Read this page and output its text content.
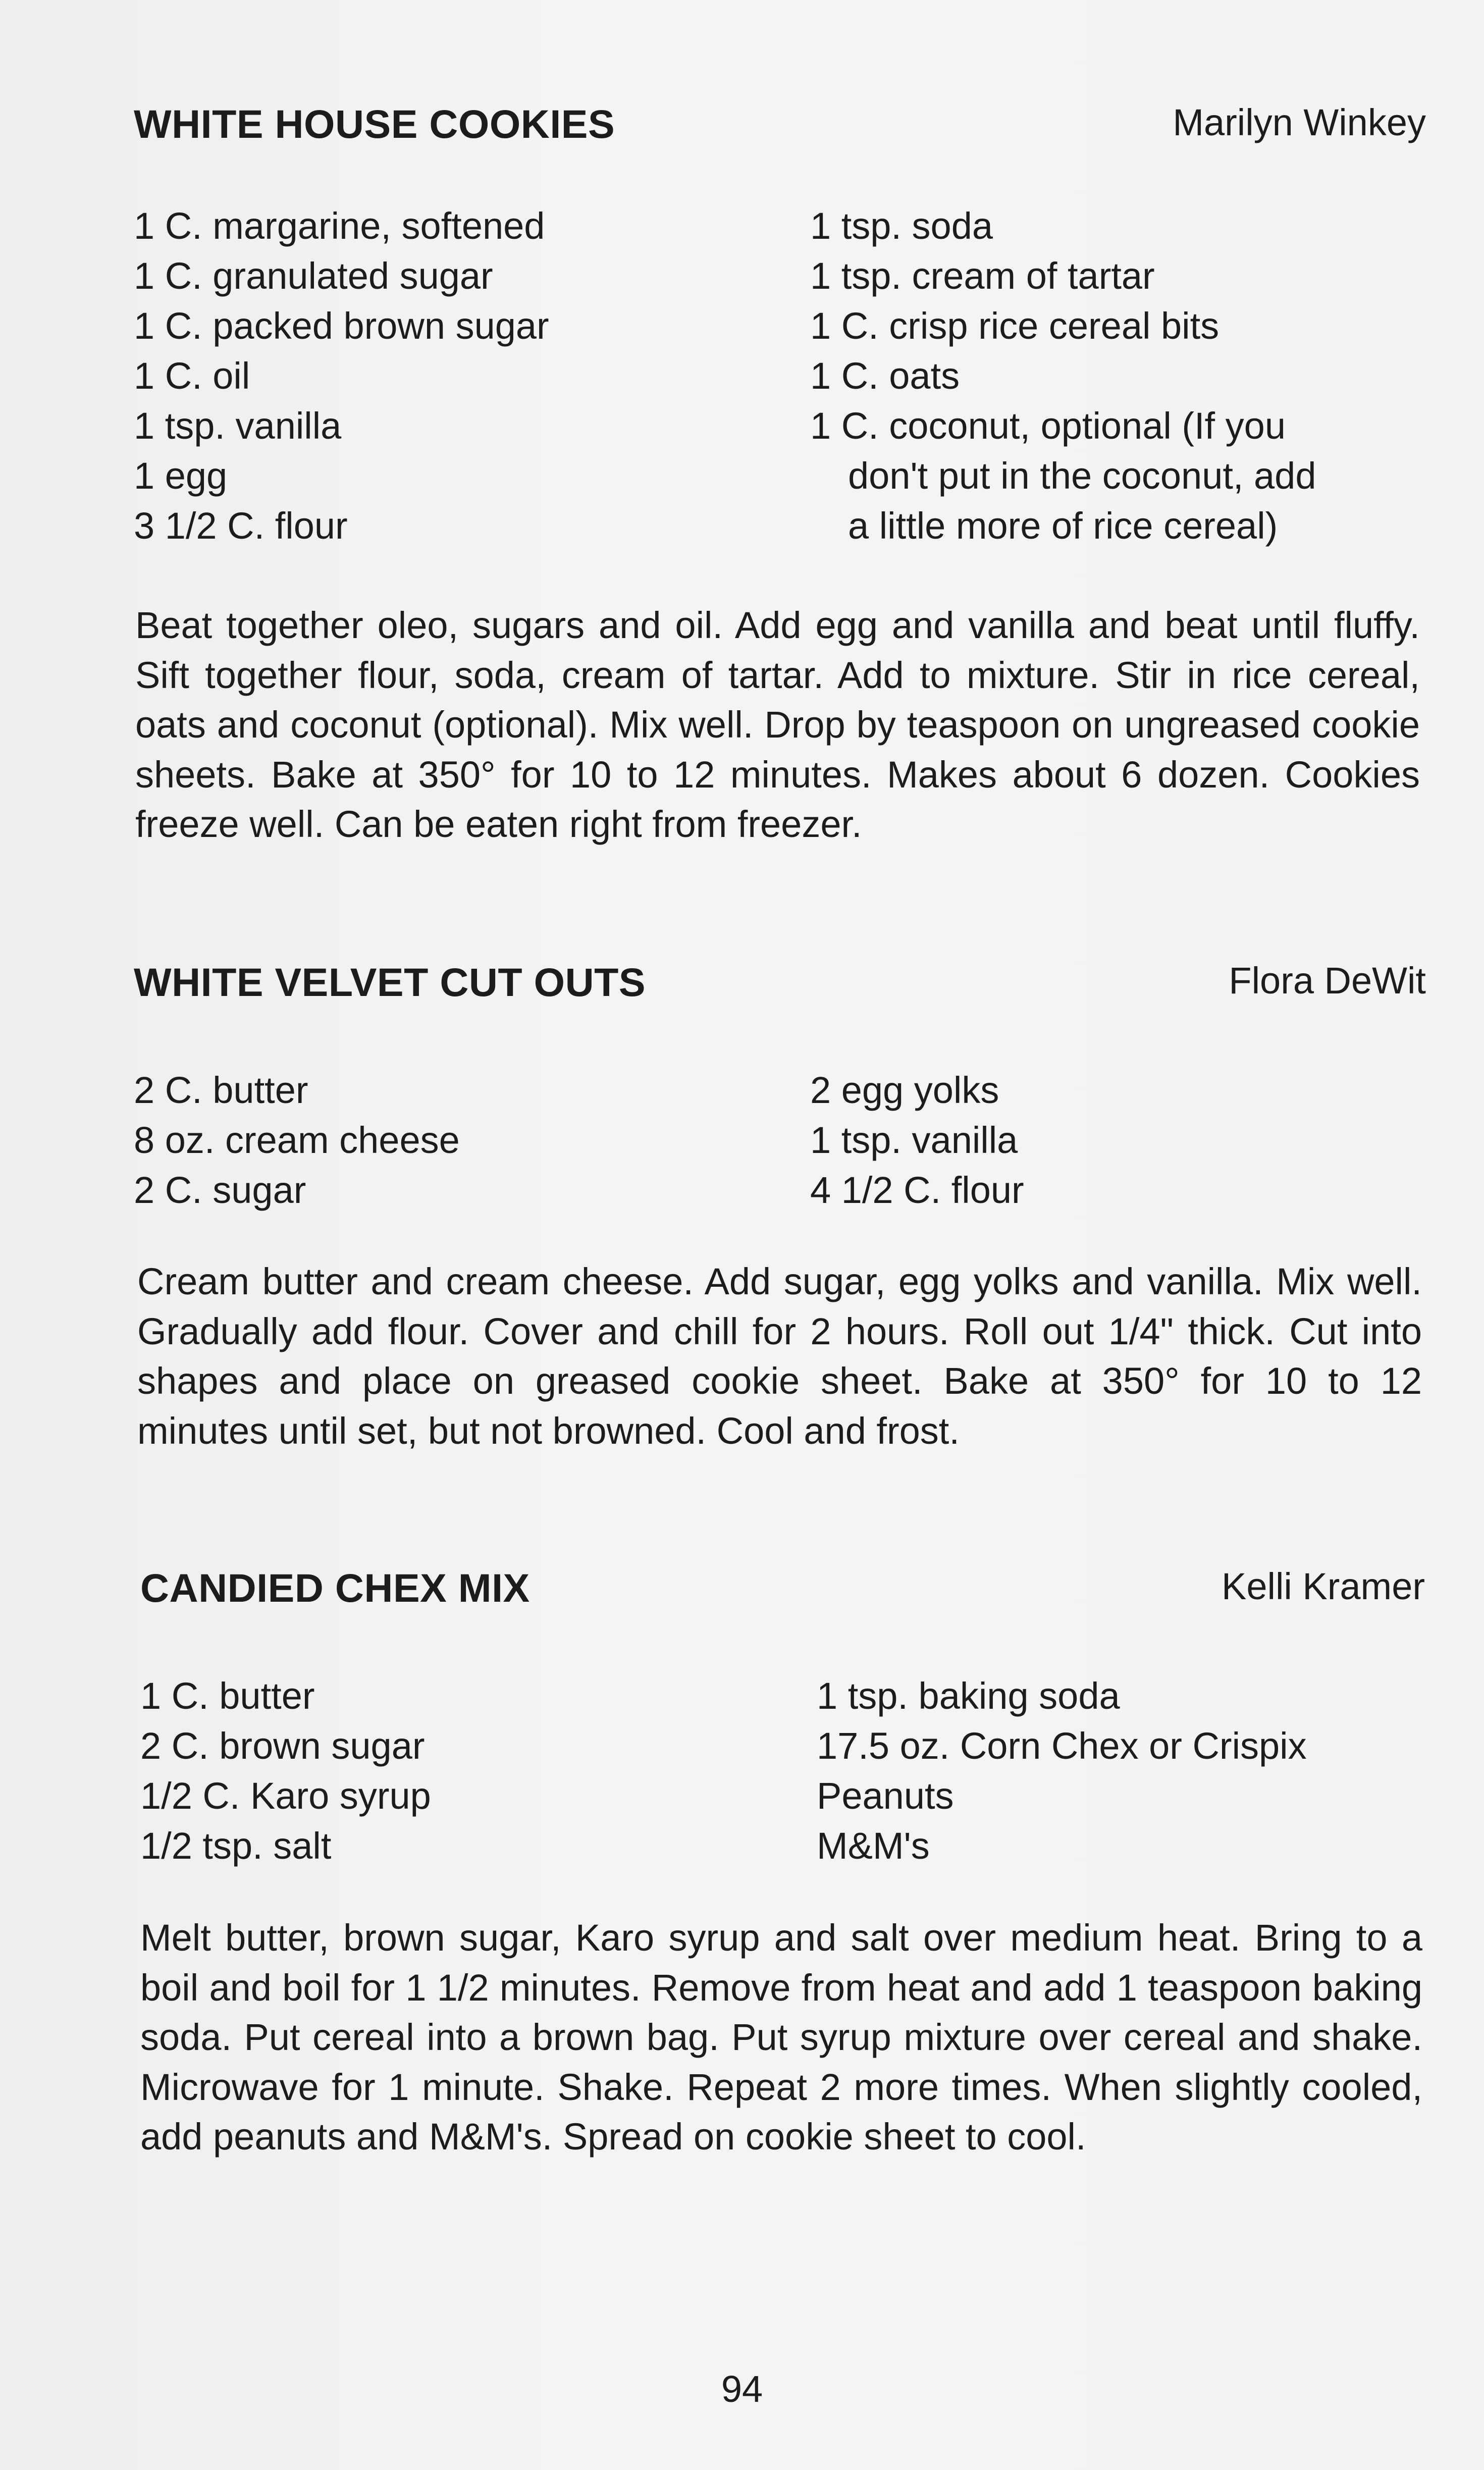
WHITE HOUSE COOKIES	Marilyn Winkey
1 C. margarine, softened
1 C. granulated sugar
1 C. packed brown sugar
1 C. oil
1 tsp. vanilla
1 egg
3 1/2 C. flour
1 tsp. soda
1 tsp. cream of tartar
1 C. crisp rice cereal bits
1 C. oats
1 C. coconut, optional (If you
don't put in the coconut, add
a little more of rice cereal)

Beat together oleo, sugars and oil. Add egg and vanilla and beat until fluffy. Sift together flour, soda, cream of tartar. Add to mixture. Stir in rice cereal, oats and coconut (optional). Mix well. Drop by teaspoon on ungreased cookie sheets. Bake at 350° for 10 to 12 minutes. Makes about 6 dozen. Cookies freeze well. Can be eaten right from freezer.

WHITE VELVET CUT OUTS	Flora DeWit
2 C. butter
8 oz. cream cheese
2 C. sugar
2 egg yolks
1 tsp. vanilla
4 1/2 C. flour

Cream butter and cream cheese. Add sugar, egg yolks and vanilla. Mix well. Gradually add flour. Cover and chill for 2 hours. Roll out 1/4" thick. Cut into shapes and place on greased cookie sheet. Bake at 350° for 10 to 12 minutes until set, but not browned. Cool and frost.

CANDIED CHEX MIX	Kelli Kramer
1 C. butter
2 C. brown sugar
1/2 C. Karo syrup
1/2 tsp. salt
1 tsp. baking soda
17.5 oz. Corn Chex or Crispix
Peanuts
M&M's

Melt butter, brown sugar, Karo syrup and salt over medium heat. Bring to a boil and boil for 1 1/2 minutes. Remove from heat and add 1 teaspoon baking soda. Put cereal into a brown bag. Put syrup mixture over cereal and shake. Microwave for 1 minute. Shake. Repeat 2 more times. When slightly cooled, add peanuts and M&M's. Spread on cookie sheet to cool.

94
